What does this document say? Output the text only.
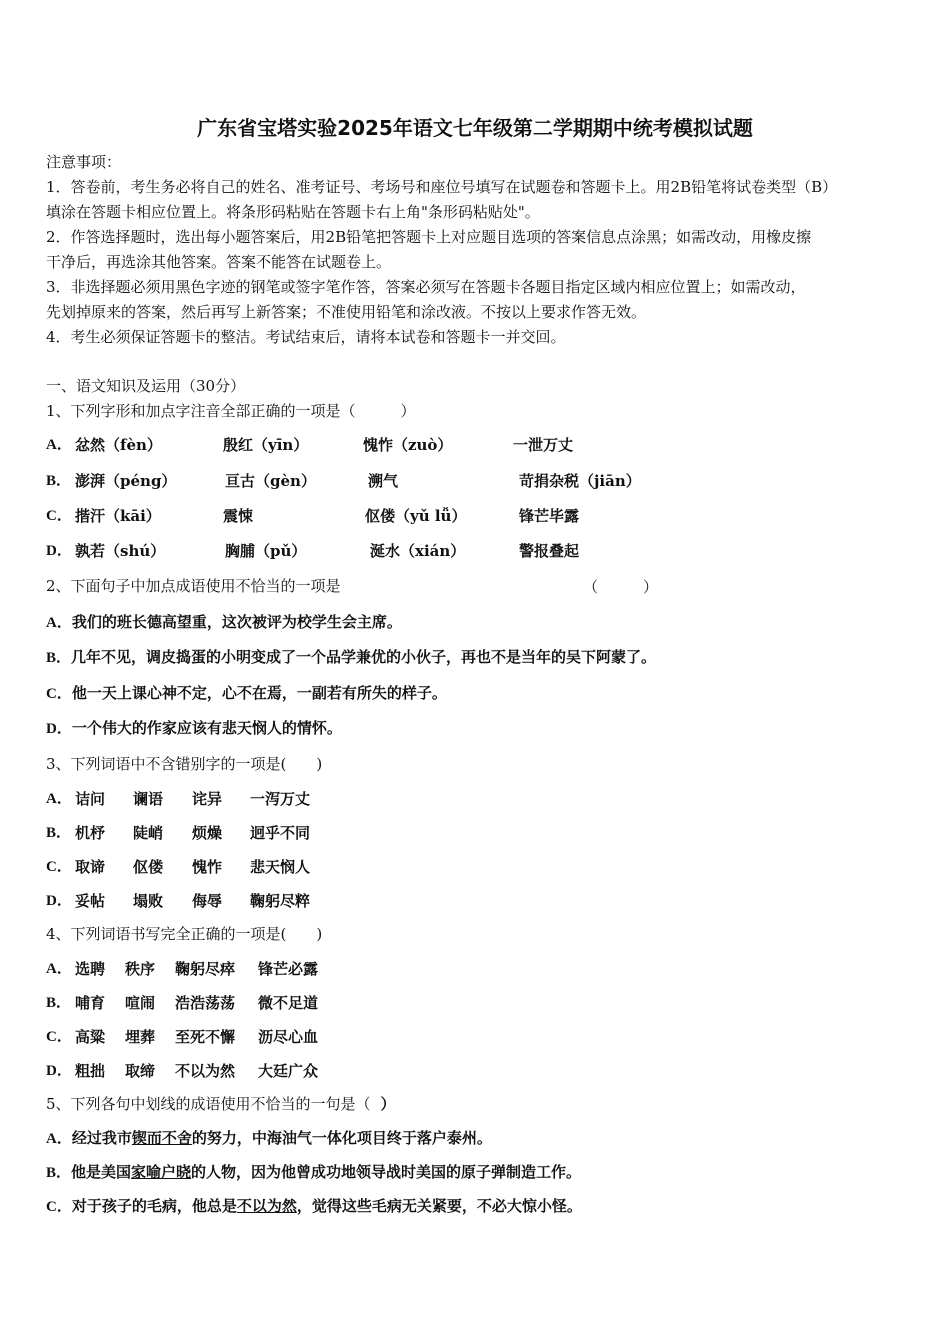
广东省宝塔实验2025年语文七年级第二学期期中统考模拟试题
注意事项：
1．答卷前，考生务必将自己的姓名、准考证号、考场号和座位号填写在试题卷和答题卡上。用2B铅笔将试卷类型（B）
填涂在答题卡相应位置上。将条形码粘贴在答题卡右上角"条形码粘贴处"。
2．作答选择题时，选出每小题答案后，用2B铅笔把答题卡上对应题目选项的答案信息点涂黑；如需改动，用橡皮擦
干净后，再选涂其他答案。答案不能答在试题卷上。
3．非选择题必须用黑色字迹的钢笔或签字笔作答，答案必须写在答题卡各题目指定区域内相应位置上；如需改动，
先划掉原来的答案，然后再写上新答案；不准使用铅笔和涂改液。不按以上要求作答无效。
4．考生必须保证答题卡的整洁。考试结束后，请将本试卷和答题卡一并交回。
一、语文知识及运用（30分）
1、下列字形和加点字注音全部正确的一项是（　　　）
A． 忿然（fèn）	殷红（yīn）	愧怍（zuò）	一泄万丈
B． 澎湃（péng）	亘古（gèn）	溯气	苛捐杂税（jiān）
C． 揩汗（kāi）	震悚	伛偻（yǔ lǚ）	锋芒毕露
D． 孰若（shú）	胸脯（pǔ）	涎水（xián）	警报叠起
2、下面句子中加点成语使用不恰当的一项是	（　　　）
A．我们的班长德高望重，这次被评为校学生会主席。
B．几年不见，调皮捣蛋的小明变成了一个品学兼优的小伙子，再也不是当年的吴下阿蒙了。
C．他一天上课心神不定，心不在焉，一副若有所失的样子。
D．一个伟大的作家应该有悲天悯人的情怀。
3、下列词语中不含错别字的一项是(　　)
A． 诘问 谰语 诧异 一泻万丈
B． 机杼 陡峭 烦燥 迥乎不同
C． 取谛 伛偻 愧怍 悲天悯人
D． 妥帖 塌败 侮辱 鞠躬尽粹
4、下列词语书写完全正确的一项是(　　)
A． 选聘 秩序 鞠躬尽瘁 锋芒必露
B． 哺育 喧闹 浩浩荡荡 微不足道
C． 高粱 埋葬 至死不懈 沥尽心血
D． 粗拙 取缔 不以为然 大廷广众
5、下列各句中划线的成语使用不恰当的一句是（ ）
A．经过我市锲而不舍的努力，中海油气一体化项目终于落户泰州。
B．他是美国家喻户晓的人物，因为他曾成功地领导战时美国的原子弹制造工作。
C．对于孩子的毛病，他总是不以为然，觉得这些毛病无关紧要，不必大惊小怪。
